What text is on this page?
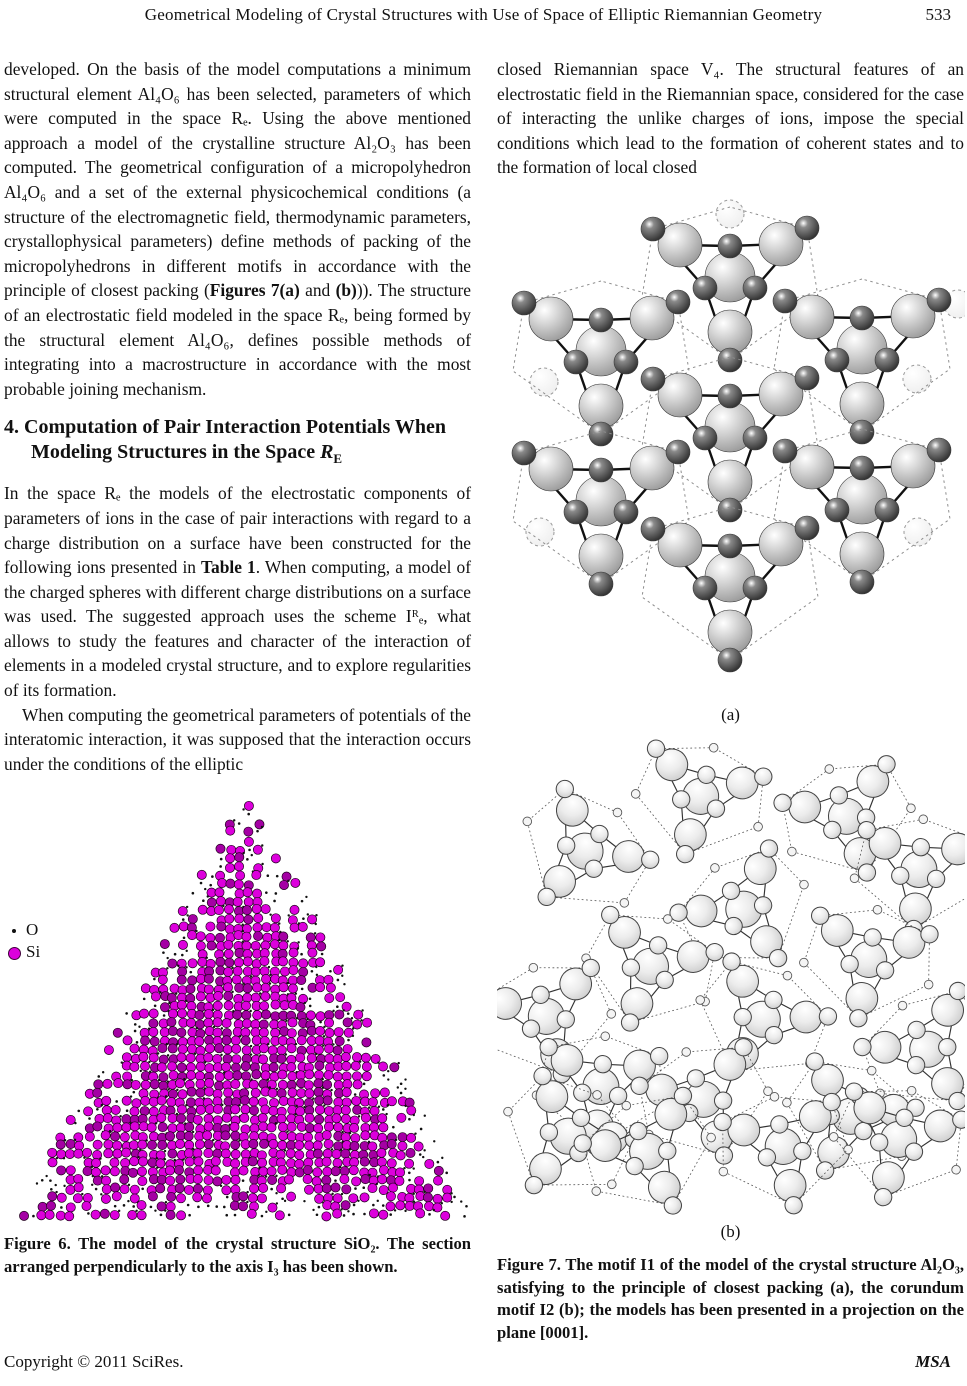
Geometrical Modeling of Crystal Structures with Use of Space of Elliptic Riemannian Geometry	533

developed. On the basis of the model computations a minimum structural element Al₄O₆ has been selected, parameters of which were computed in the space Rₑ. Using the above mentioned approach a model of the crystalline structure Al₂O₃ has been computed. The geometrical configuration of a micropolyhedron Al₄O₆ and a set of the external physicochemical conditions (a structure of the electromagnetic field, thermodynamic parameters, crystallophysical parameters) define methods of packing of the micropolyhedrons in different motifs in accordance with the principle of closest packing (Figures 7(a) and (b))). The structure of an electrostatic field modeled in the space Rₑ, being formed by the structural element Al₄O₆, defines possible methods of integrating into a macrostructure in accordance with the most probable joining mechanism.

4. Computation of Pair Interaction Potentials When Modeling Structures in the Space $R_E$

In the space Rₑ the models of the electrostatic components of parameters of ions in the case of pair interactions with regard to a charge distribution on a surface have been constructed for the following ions presented in Table 1. When computing, a model of the charged spheres with different charge distributions on a surface was used. The suggested approach uses the scheme Iᴿₑ, what allows to study the features and character of the interaction of elements in a modeled crystal structure, and to explore regularities of its formation.

When computing the geometrical parameters of potentials of the interatomic interaction, it was supposed that the interaction occurs under the conditions of the elliptic

O
Si
Figure 6. The model of the crystal structure SiO₂. The section arranged perpendicularly to the axis I₃ has been shown.

closed Riemannian space V₄. The structural features of an electrostatic field in the Riemannian space, considered for the case of interacting the unlike charges of ions, impose the special conditions which lead to the formation of coherent states and to the formation of local closed

(a)
(b)
Figure 7. The motif I1 of the model of the crystal structure Al₂O₃, satisfying to the principle of closest packing (a), the corundum motif I2 (b); the models has been presented in a projection on the plane [0001].
Copyright © 2011 SciRes.	MSA
